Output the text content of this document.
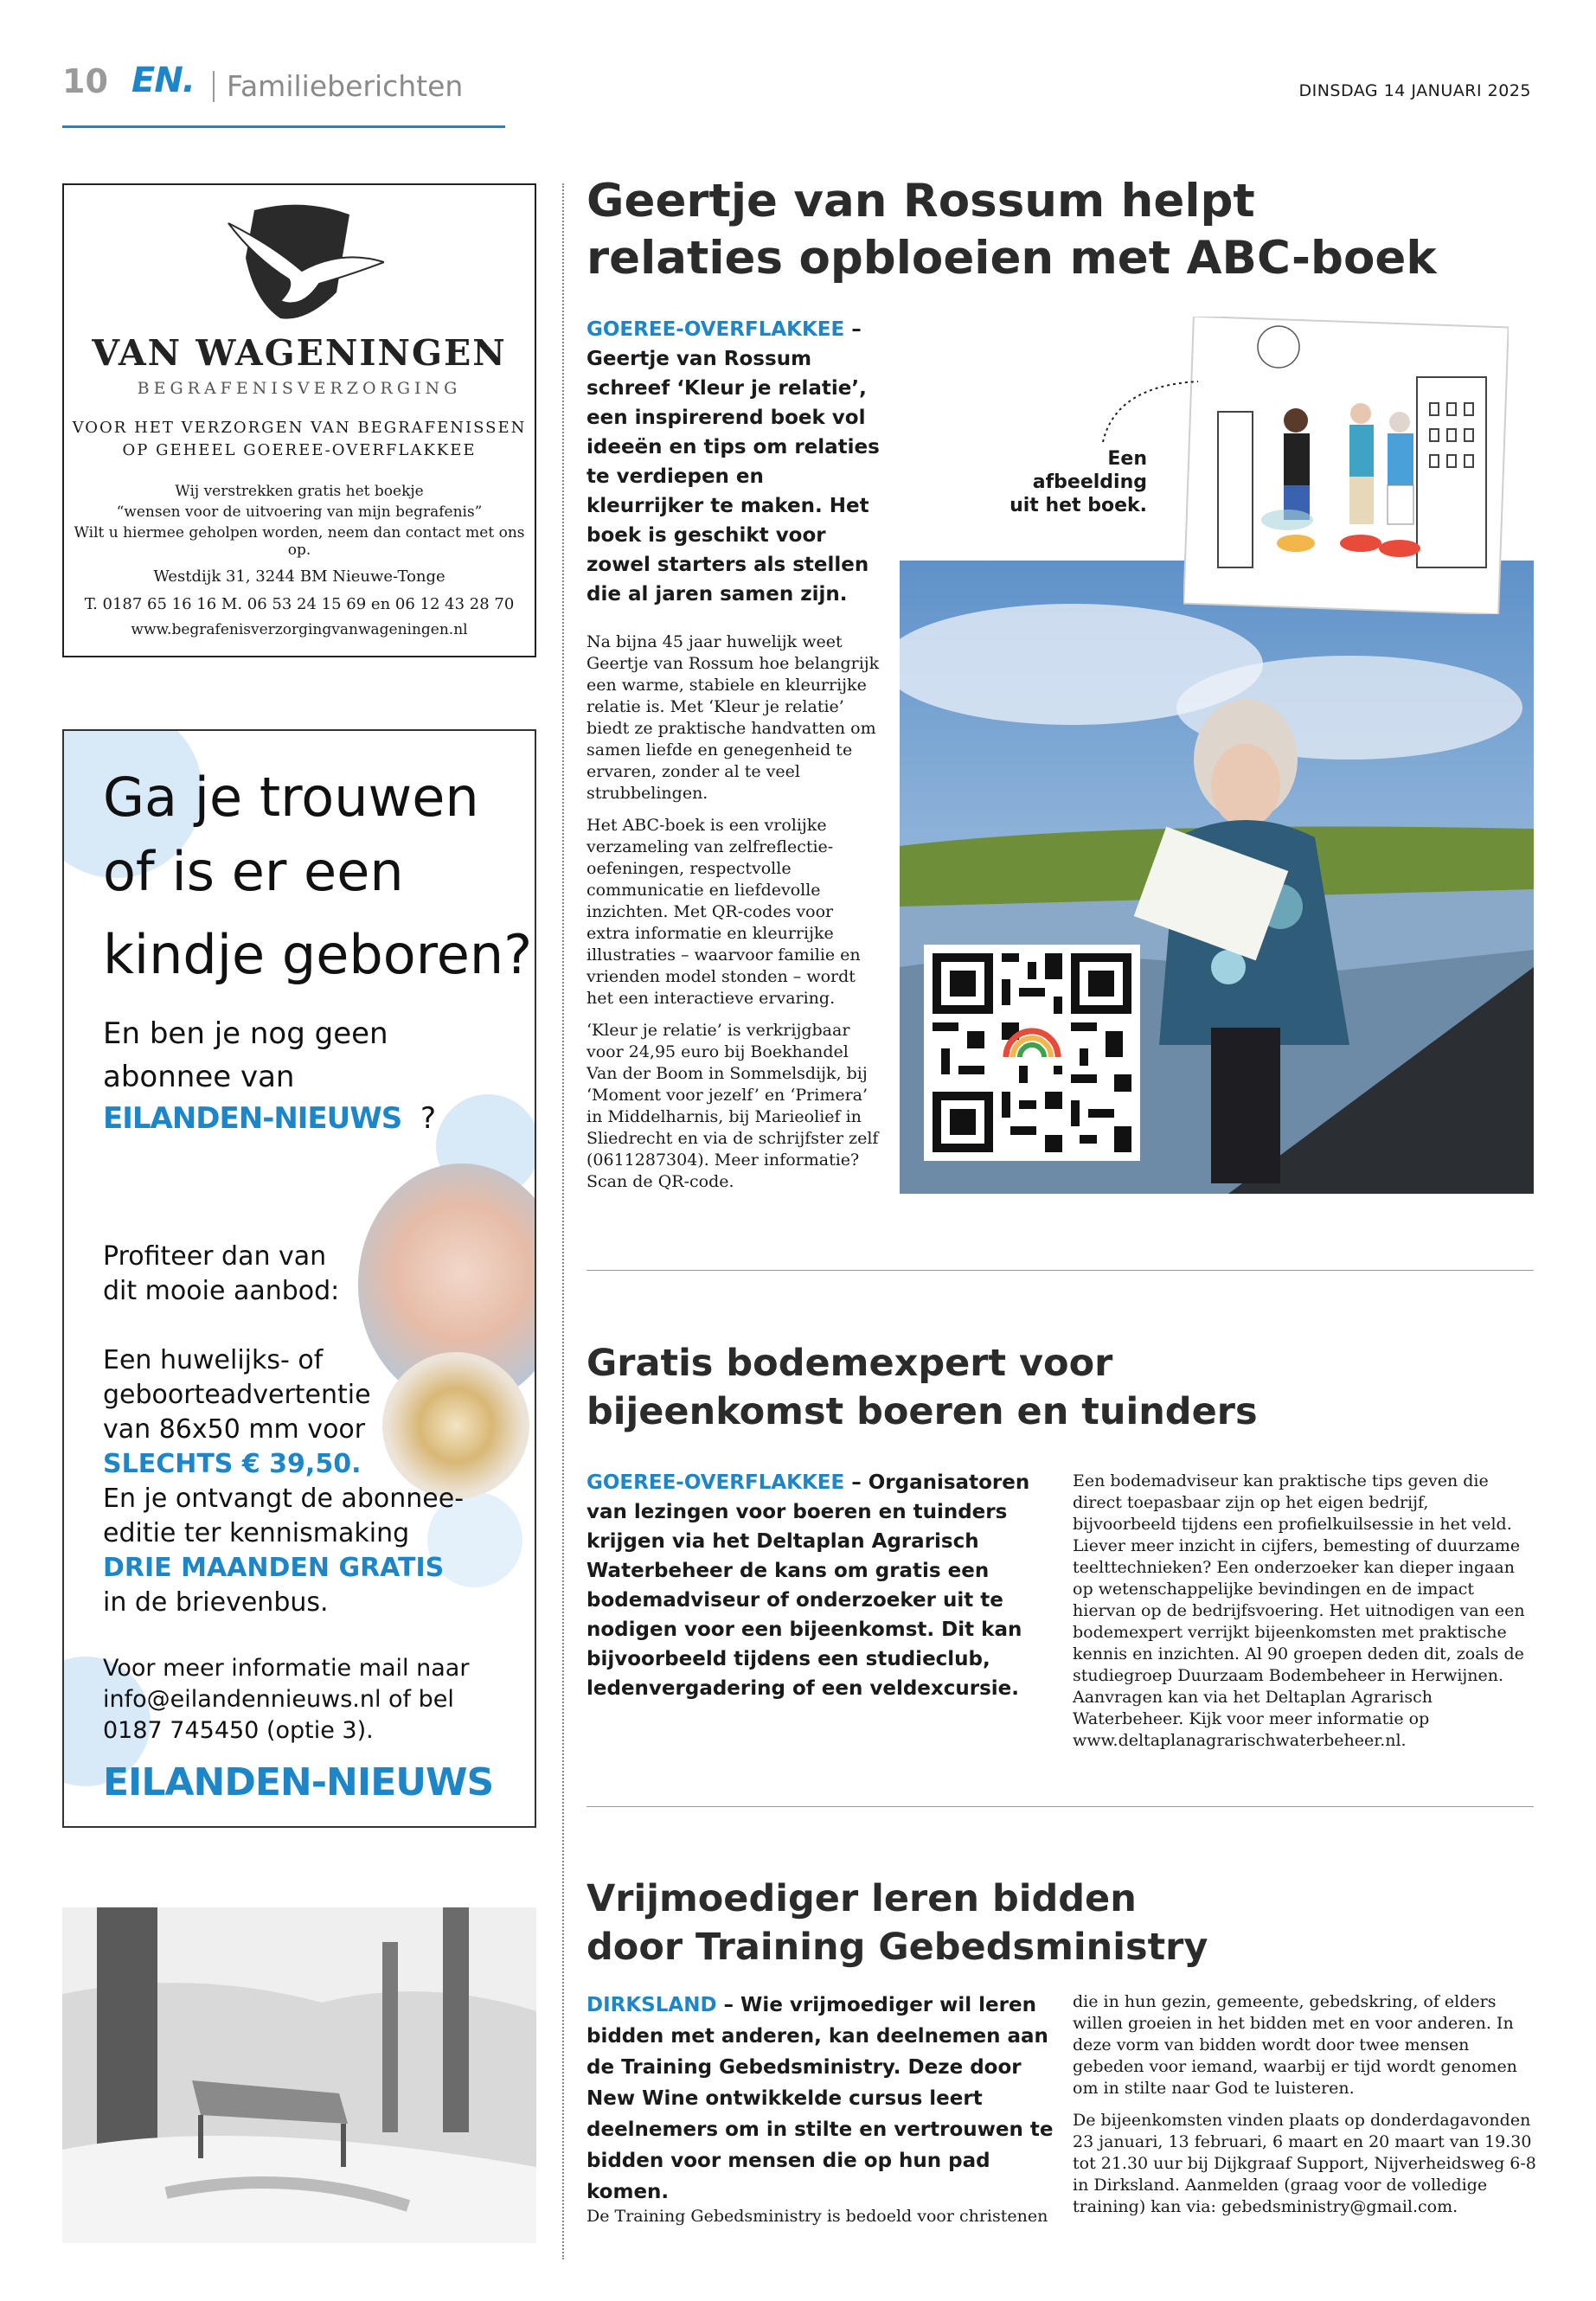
10 EN. Familieberichten	DINSDAG 14 JANUARI 2025
VAN WAGENINGEN
BEGRAFENISVERZORGING
VOOR HET VERZORGEN VAN BEGRAFENISSEN
OP GEHEEL GOEREE-OVERFLAKKEE
Wij verstrekken gratis het boekje
“wensen voor de uitvoering van mijn begrafenis”
Wilt u hiermee geholpen worden, neem dan contact met ons op.
Westdijk 31, 3244 BM Nieuwe-Tonge
T. 0187 65 16 16 M. 06 53 24 15 69 en 06 12 43 28 70
www.begrafenisverzorgingvanwageningen.nl
Ga je trouwen
of is er een
kindje geboren?
En ben je nog geen
abonnee van
EILANDEN-NIEUWS ?
Profiteer dan van
dit mooie aanbod:
Een huwelijks- of
geboorteadvertentie
van 86x50 mm voor
SLECHTS € 39,50.
En je ontvangt de abonnee-
editie ter kennismaking
DRIE MAANDEN GRATIS
in de brievenbus.
Voor meer informatie mail naar
info@eilandennieuws.nl of bel
0187 745450 (optie 3).
EILANDEN-NIEUWS
Geertje van Rossum helpt
relaties opbloeien met ABC-boek
GOEREE-OVERFLAKKEE – Geertje van Rossum schreef ‘Kleur je relatie’, een inspirerend boek vol ideeën en tips om relaties te verdiepen en kleurrijker te maken. Het boek is geschikt voor zowel starters als stellen die al jaren samen zijn.

Na bijna 45 jaar huwelijk weet Geertje van Rossum hoe belangrijk een warme, stabiele en kleurrijke relatie is. Met ‘Kleur je relatie’ biedt ze praktische handvatten om samen liefde en genegenheid te ervaren, zonder al te veel strubbelingen.

Het ABC-boek is een vrolijke verzameling van zelfreflectie-oefeningen, respectvolle communicatie en liefdevolle inzichten. Met QR-codes voor extra informatie en kleurrijke illustraties – waarvoor familie en vrienden model stonden – wordt het een interactieve ervaring.

‘Kleur je relatie’ is verkrijgbaar voor 24,95 euro bij Boekhandel Van der Boom in Sommelsdijk, bij ‘Moment voor jezelf’ en ‘Primera’ in Middelharnis, bij Marieolief in Sliedrecht en via de schrijfster zelf (0611287304). Meer informatie? Scan de QR-code.

Een afbeelding
uit het boek.
Gratis bodemexpert voor
bijeenkomst boeren en tuinders
GOEREE-OVERFLAKKEE – Organisatoren van lezingen voor boeren en tuinders krijgen via het Deltaplan Agrarisch Waterbeheer de kans om gratis een bodemadviseur of onderzoeker uit te nodigen voor een bijeenkomst. Dit kan bijvoorbeeld tijdens een studieclub, ledenvergadering of een veldexcursie.
Een bodemadviseur kan praktische tips geven die direct toepasbaar zijn op het eigen bedrijf, bijvoorbeeld tijdens een profielkuilsessie in het veld. Liever meer inzicht in cijfers, bemesting of duurzame teelttechnieken? Een onderzoeker kan dieper ingaan op wetenschappelijke bevindingen en de impact hiervan op de bedrijfsvoering. Het uitnodigen van een bodemexpert verrijkt bijeenkomsten met praktische kennis en inzichten. Al 90 groepen deden dit, zoals de studiegroep Duurzaam Bodembeheer in Herwijnen. Aanvragen kan via het Deltaplan Agrarisch Waterbeheer. Kijk voor meer informatie op www.deltaplanagrarischwaterbeheer.nl.
Vrijmoediger leren bidden
door Training Gebedsministry
DIRKSLAND – Wie vrijmoediger wil leren bidden met anderen, kan deelnemen aan de Training Gebedsministry. Deze door New Wine ontwikkelde cursus leert deelnemers om in stilte en vertrouwen te bidden voor mensen die op hun pad komen.
De Training Gebedsministry is bedoeld voor christenen

die in hun gezin, gemeente, gebedskring, of elders willen groeien in het bidden met en voor anderen. In deze vorm van bidden wordt door twee mensen gebeden voor iemand, waarbij er tijd wordt genomen om in stilte naar God te luisteren.

De bijeenkomsten vinden plaats op donderdagavonden 23 januari, 13 februari, 6 maart en 20 maart van 19.30 tot 21.30 uur bij Dijkgraaf Support, Nijverheidsweg 6-8 in Dirksland. Aanmelden (graag voor de volledige training) kan via: gebedsministry@gmail.com.
